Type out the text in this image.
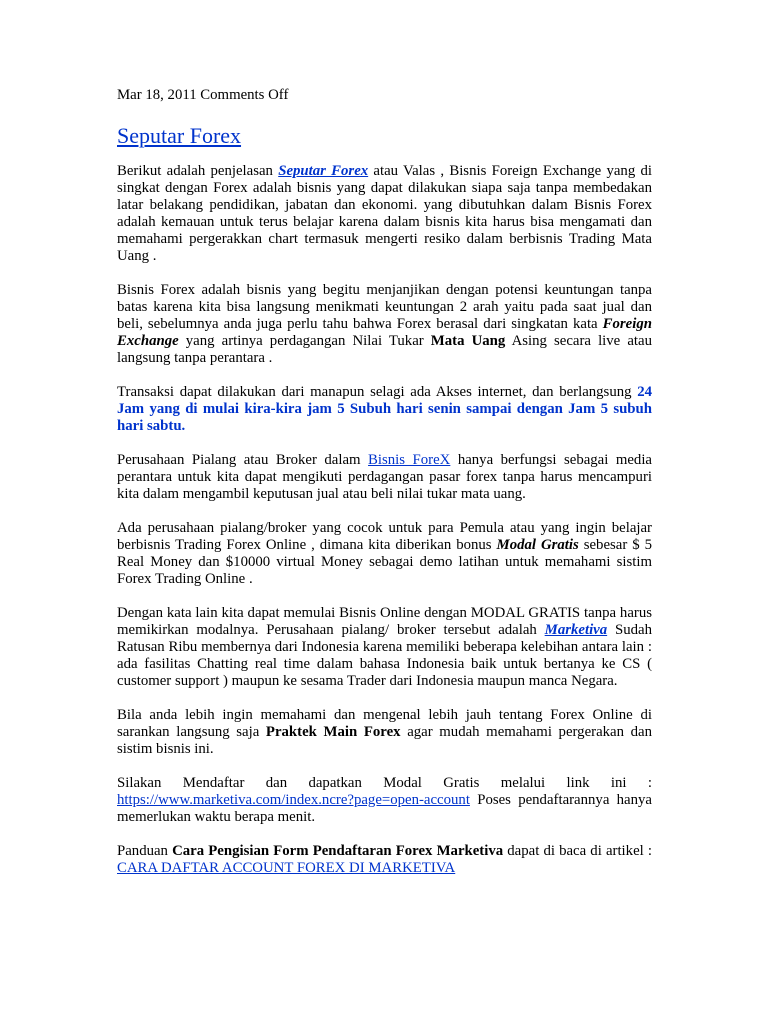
Mar 18, 2011 Comments Off
Seputar Forex

Berikut adalah penjelasan Seputar Forex atau Valas , Bisnis Foreign Exchange yang di singkat dengan Forex adalah bisnis yang dapat dilakukan siapa saja tanpa membedakan latar belakang pendidikan, jabatan dan ekonomi. yang dibutuhkan dalam Bisnis Forex adalah kemauan untuk terus belajar karena dalam bisnis kita harus bisa mengamati dan memahami pergerakkan chart termasuk mengerti resiko dalam berbisnis Trading Mata Uang .

Bisnis Forex adalah bisnis yang begitu menjanjikan dengan potensi keuntungan tanpa batas karena kita bisa langsung menikmati keuntungan 2 arah yaitu pada saat jual dan beli, sebelumnya anda juga perlu tahu bahwa Forex berasal dari singkatan kata Foreign Exchange yang artinya perdagangan Nilai Tukar Mata Uang Asing secara live atau langsung tanpa perantara .

Transaksi dapat dilakukan dari manapun selagi ada Akses internet, dan berlangsung 24 Jam yang di mulai kira-kira jam 5 Subuh hari senin sampai dengan Jam 5 subuh hari sabtu.

Perusahaan Pialang atau Broker dalam Bisnis ForeX hanya berfungsi sebagai media perantara untuk kita dapat mengikuti perdagangan pasar forex tanpa harus mencampuri kita dalam mengambil keputusan jual atau beli nilai tukar mata uang.

Ada perusahaan pialang/broker yang cocok untuk para Pemula atau yang ingin belajar berbisnis Trading Forex Online , dimana kita diberikan bonus Modal Gratis sebesar $ 5 Real Money dan $10000 virtual Money sebagai demo latihan untuk memahami sistim Forex Trading Online .

Dengan kata lain kita dapat memulai Bisnis Online dengan MODAL GRATIS tanpa harus memikirkan modalnya. Perusahaan pialang/ broker tersebut adalah Marketiva Sudah Ratusan Ribu membernya dari Indonesia karena memiliki beberapa kelebihan antara lain : ada fasilitas Chatting real time dalam bahasa Indonesia baik untuk bertanya ke CS ( customer support ) maupun ke sesama Trader dari Indonesia maupun manca Negara.

Bila anda lebih ingin memahami dan mengenal lebih jauh tentang Forex Online di sarankan langsung saja Praktek Main Forex agar mudah memahami pergerakan dan sistim bisnis ini.

Silakan Mendaftar dan dapatkan Modal Gratis melalui link ini : https://www.marketiva.com/index.ncre?page=open-account Poses pendaftarannya hanya memerlukan waktu berapa menit.

Panduan Cara Pengisian Form Pendaftaran Forex Marketiva dapat di baca di artikel : CARA DAFTAR ACCOUNT FOREX DI MARKETIVA
